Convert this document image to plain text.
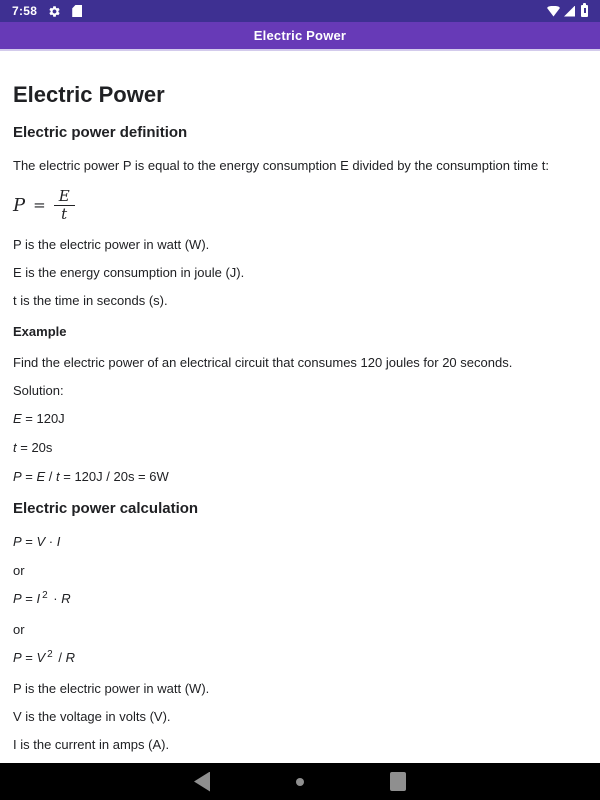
7:58
Electric Power
Electric Power
Electric power definition

The electric power P is equal to the energy consumption E divided by the consumption time t:

$P = \frac{E}{t}$

P is the electric power in watt (W).

E is the energy consumption in joule (J).

t is the time in seconds (s).

Example

Find the electric power of an electrical circuit that consumes 120 joules for 20 seconds.

Solution:

E = 120J

t = 20s

P = E / t = 120J / 20s = 6W

Electric power calculation

P = V · I

or

P = I $^2$ · R

or

P = V $^2$ / R

P is the electric power in watt (W).

V is the voltage in volts (V).

I is the current in amps (A).
